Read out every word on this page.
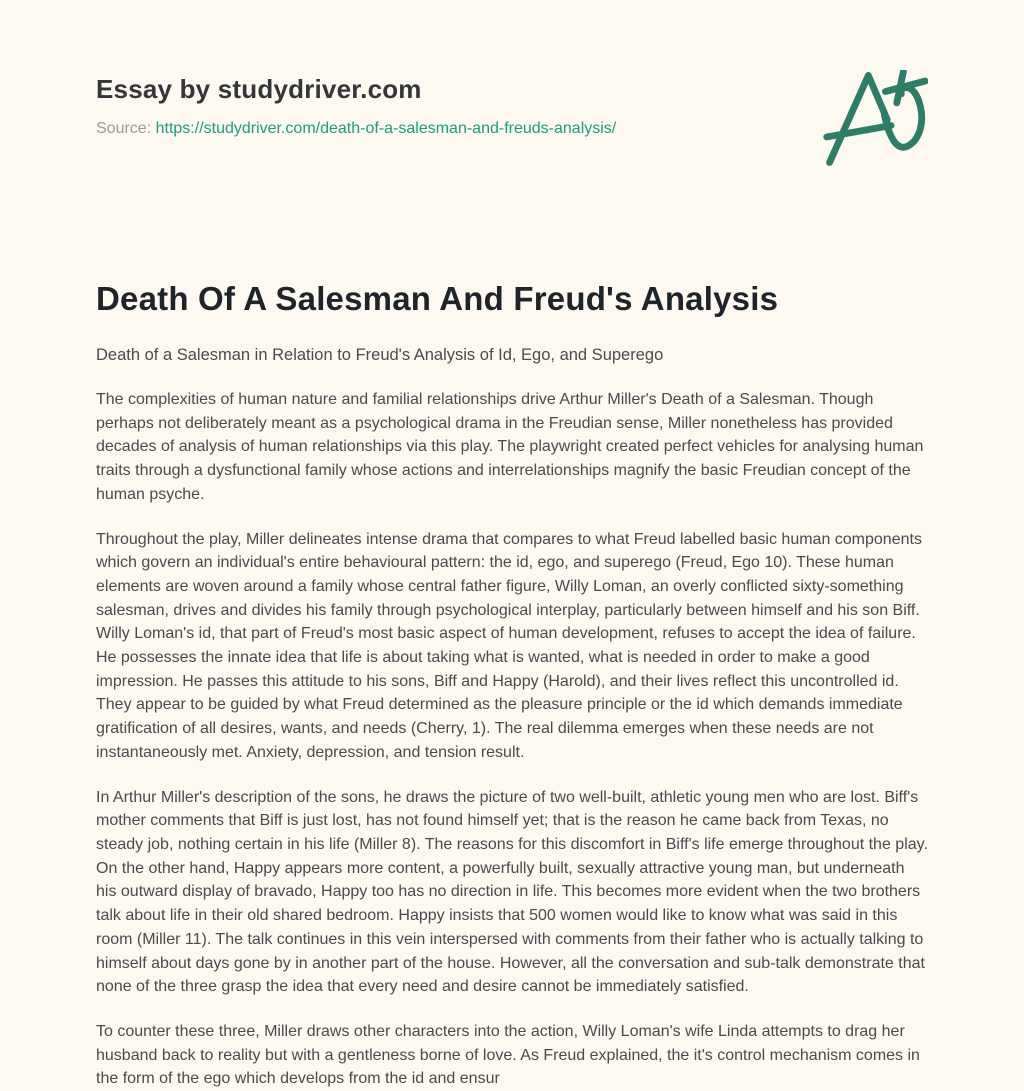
Essay by studydriver.com

Source: https://studydriver.com/death-of-a-salesman-and-freuds-analysis/

Death Of A Salesman And Freud's Analysis

Death of a Salesman in Relation to Freud's Analysis of Id, Ego, and Superego

The complexities of human nature and familial relationships drive Arthur Miller's Death of a Salesman. Though perhaps not deliberately meant as a psychological drama in the Freudian sense, Miller nonetheless has provided decades of analysis of human relationships via this play. The playwright created perfect vehicles for analysing human traits through a dysfunctional family whose actions and interrelationships magnify the basic Freudian concept of the human psyche.

Throughout the play, Miller delineates intense drama that compares to what Freud labelled basic human components which govern an individual's entire behavioural pattern: the id, ego, and superego (Freud, Ego 10). These human elements are woven around a family whose central father figure, Willy Loman, an overly conflicted sixty-something salesman, drives and divides his family through psychological interplay, particularly between himself and his son Biff. Willy Loman's id, that part of Freud's most basic aspect of human development, refuses to accept the idea of failure. He possesses the innate idea that life is about taking what is wanted, what is needed in order to make a good impression. He passes this attitude to his sons, Biff and Happy (Harold), and their lives reflect this uncontrolled id. They appear to be guided by what Freud determined as the pleasure principle or the id which demands immediate gratification of all desires, wants, and needs (Cherry, 1). The real dilemma emerges when these needs are not instantaneously met. Anxiety, depression, and tension result.

In Arthur Miller's description of the sons, he draws the picture of two well-built, athletic young men who are lost. Biff's mother comments that Biff is just lost, has not found himself yet; that is the reason he came back from Texas, no steady job, nothing certain in his life (Miller 8). The reasons for this discomfort in Biff's life emerge throughout the play. On the other hand, Happy appears more content, a powerfully built, sexually attractive young man, but underneath his outward display of bravado, Happy too has no direction in life. This becomes more evident when the two brothers talk about life in their old shared bedroom. Happy insists that 500 women would like to know what was said in this room (Miller 11). The talk continues in this vein interspersed with comments from their father who is actually talking to himself about days gone by in another part of the house. However, all the conversation and sub-talk demonstrate that none of the three grasp the idea that every need and desire cannot be immediately satisfied.

To counter these three, Miller draws other characters into the action, Willy Loman's wife Linda attempts to drag her husband back to reality but with a gentleness borne of love. As Freud explained, the it's control mechanism comes in the form of the ego which develops from the id and ensur
